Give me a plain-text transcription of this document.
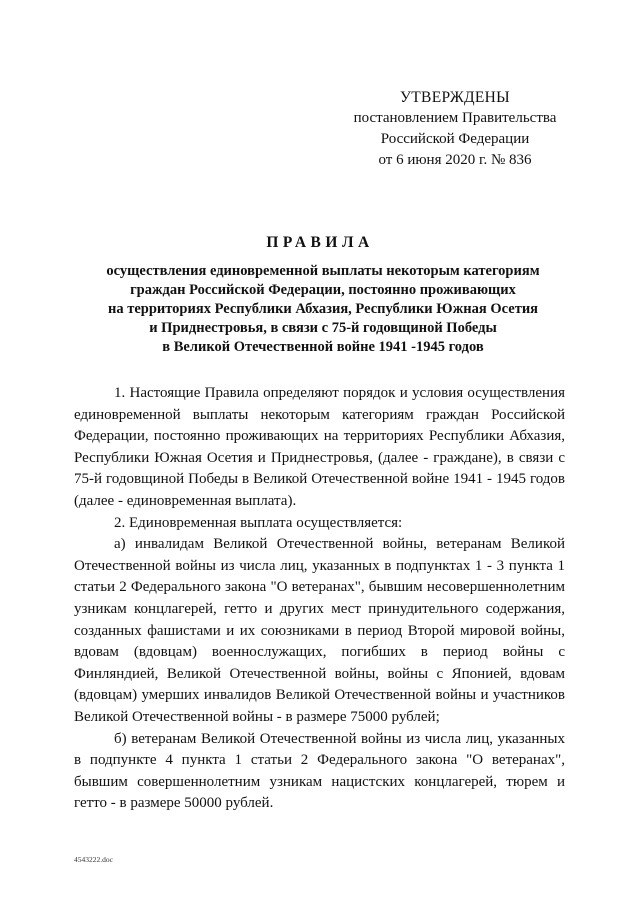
УТВЕРЖДЕНЫ
постановлением Правительства
Российской Федерации
от 6 июня 2020 г. № 836
ПРАВИЛА
осуществления единовременной выплаты некоторым категориям
граждан Российской Федерации, постоянно проживающих
на территориях Республики Абхазия, Республики Южная Осетия
и Приднестровья, в связи с 75-й годовщиной Победы
в Великой Отечественной войне 1941 -1945 годов

1. Настоящие Правила определяют порядок и условия осуществления единовременной выплаты некоторым категориям граждан Российской Федерации, постоянно проживающих на территориях Республики Абхазия, Республики Южная Осетия и Приднестровья, (далее - граждане), в связи с 75-й годовщиной Победы в Великой Отечественной войне 1941 - 1945 годов (далее - единовременная выплата).

2. Единовременная выплата осуществляется:

а) инвалидам Великой Отечественной войны, ветеранам Великой Отечественной войны из числа лиц, указанных в подпунктах 1 - 3 пункта 1 статьи 2 Федерального закона "О ветеранах", бывшим несовершеннолетним узникам концлагерей, гетто и других мест принудительного содержания, созданных фашистами и их союзниками в период Второй мировой войны, вдовам (вдовцам) военнослужащих, погибших в период войны с Финляндией, Великой Отечественной войны, войны с Японией, вдовам (вдовцам) умерших инвалидов Великой Отечественной войны и участников Великой Отечественной войны - в размере 75000 рублей;

б) ветеранам Великой Отечественной войны из числа лиц, указанных в подпункте 4 пункта 1 статьи 2 Федерального закона "О ветеранах", бывшим совершеннолетним узникам нацистских концлагерей, тюрем и гетто - в размере 50000 рублей.

4543222.doc
